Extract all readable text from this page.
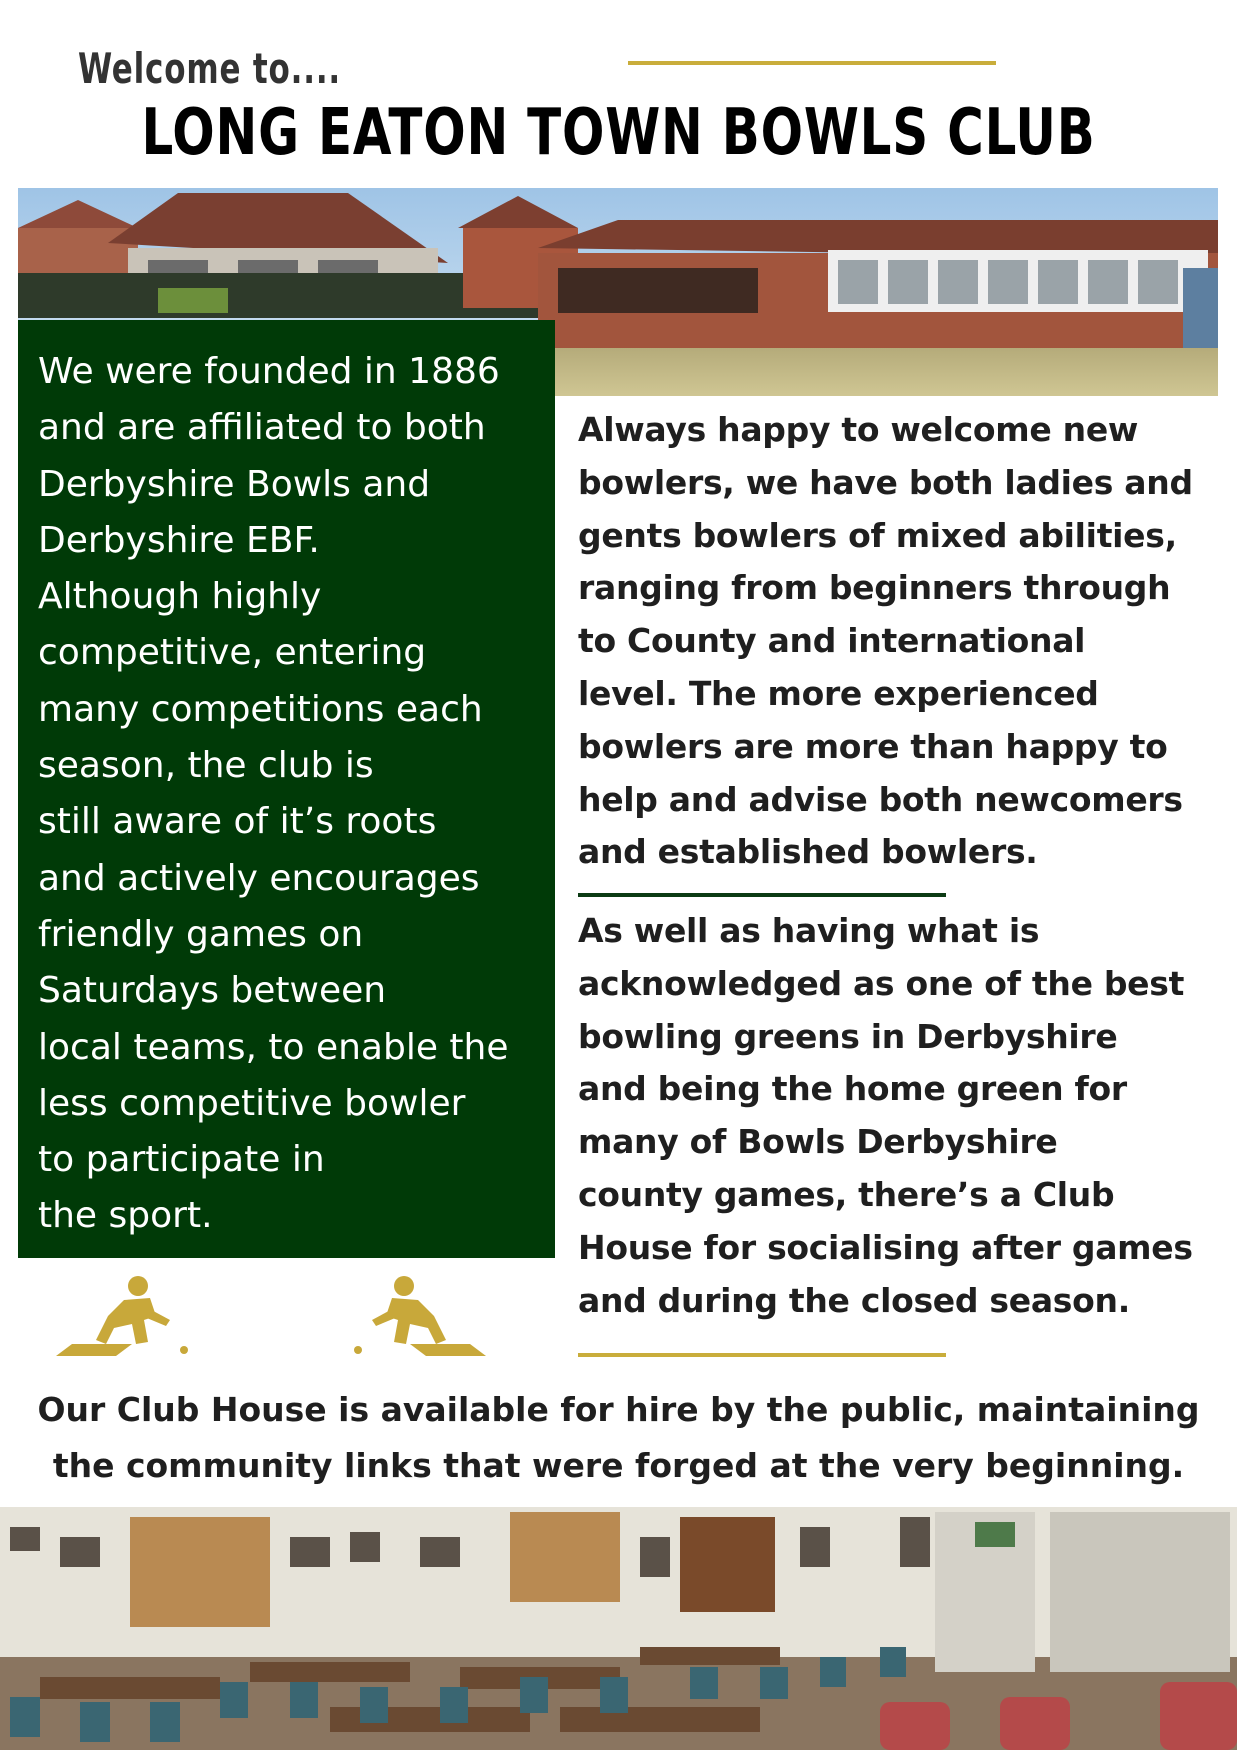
Welcome to....
LONG EATON TOWN BOWLS CLUB

We were founded in 1886
and are affiliated to both
Derbyshire Bowls and
Derbyshire EBF.
Although highly
competitive, entering
many competitions each
season, the club is
still aware of it’s roots
and actively encourages
friendly games on
Saturdays between
local teams, to enable the
less competitive bowler
to participate in
the sport.

Always happy to welcome new
bowlers, we have both ladies and
gents bowlers of mixed abilities,
ranging from beginners through
to County and international
level. The more experienced
bowlers are more than happy to
help and advise both newcomers
and established bowlers.

As well as having what is
acknowledged as one of the best
bowling greens in Derbyshire
and being the home green for
many of Bowls Derbyshire
county games, there’s a Club
House for socialising after games
and during the closed season.

Our Club House is available for hire by the public, maintaining
the community links that were forged at the very beginning.
